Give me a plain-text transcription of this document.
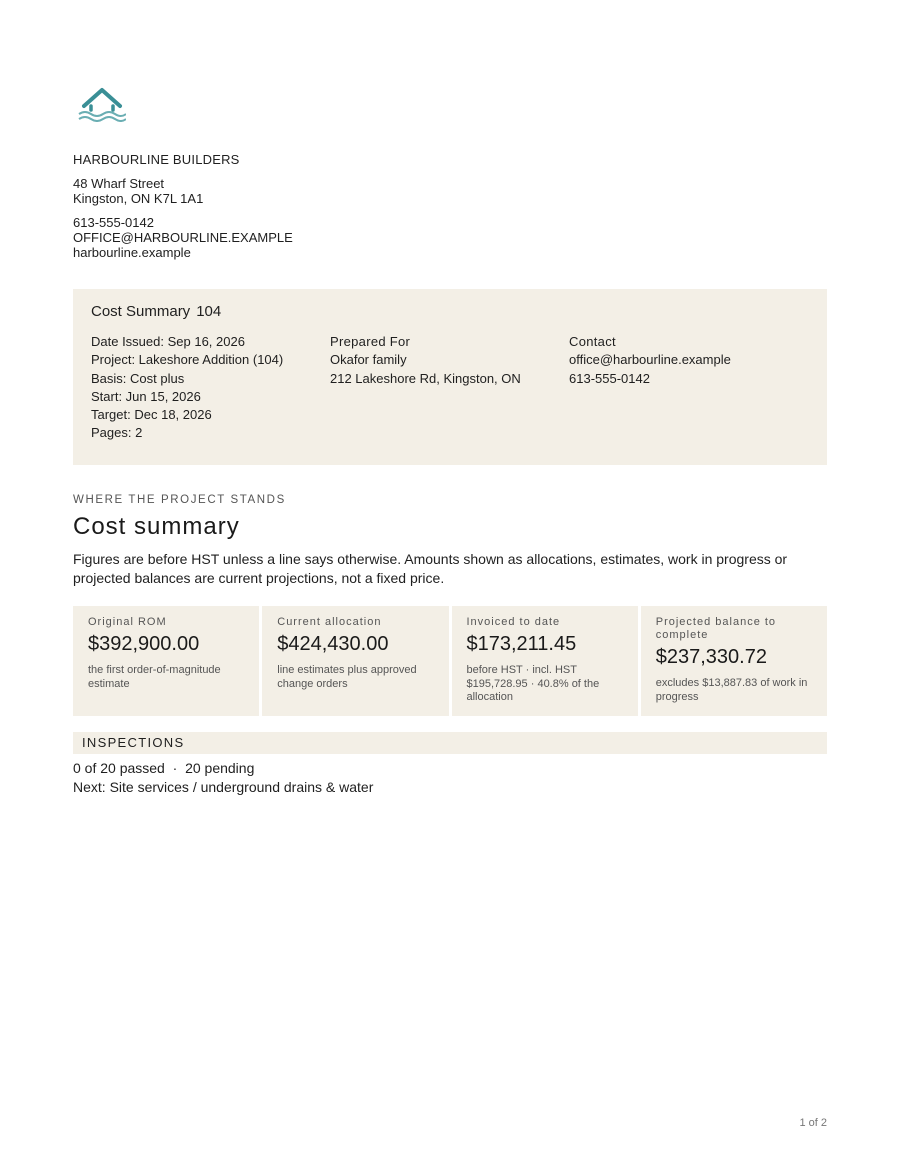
HARBOURLINE BUILDERS
48 Wharf Street
Kingston, ON K7L 1A1
613-555-0142
OFFICE@HARBOURLINE.EXAMPLE
harbourline.example
Cost Summary 104
Date Issued: Sep 16, 2026
Project: Lakeshore Addition (104)
Basis: Cost plus
Start: Jun 15, 2026
Target: Dec 18, 2026
Pages: 2
Prepared For
Okafor family
212 Lakeshore Rd, Kingston, ON
Contact
office@harbourline.example
613-555-0142
WHERE THE PROJECT STANDS
Cost summary
Figures are before HST unless a line says otherwise. Amounts shown as allocations, estimates, work in progress or projected balances are current projections, not a fixed price.
Original ROM
$392,900.00
the first order-of-magnitude estimate
Current allocation
$424,430.00
line estimates plus approved change orders
Invoiced to date
$173,211.45
before HST · incl. HST $195,728.95 · 40.8% of the allocation
Projected balance to complete
$237,330.72
excludes $13,887.83 of work in progress
INSPECTIONS
0 of 20 passed  ·  20 pending
Next: Site services / underground drains & water
1 of 2
